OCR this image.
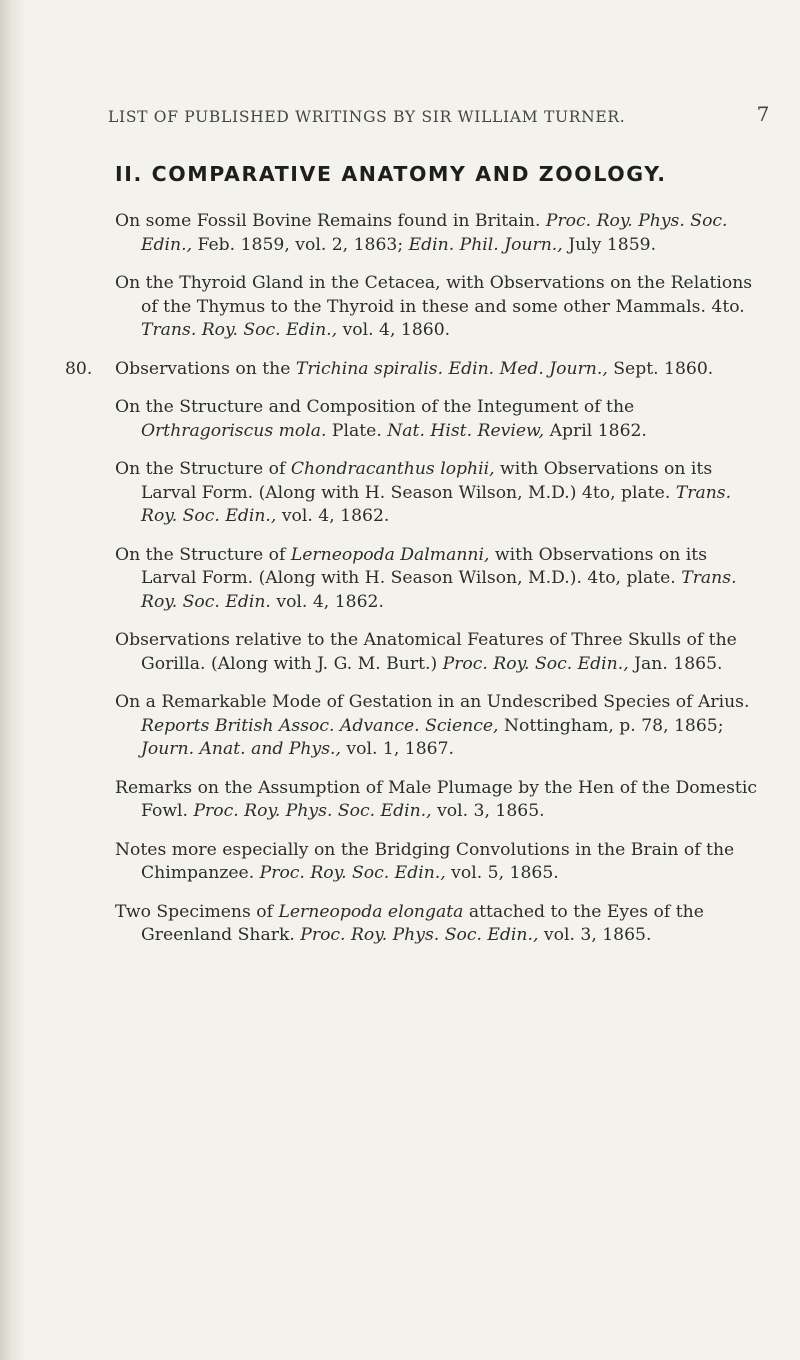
LIST OF PUBLISHED WRITINGS BY SIR WILLIAM TURNER.	7
II. COMPARATIVE ANATOMY AND ZOOLOGY.
On some Fossil Bovine Remains found in Britain. Proc. Roy. Phys. Soc. Edin., Feb. 1859, vol. 2, 1863; Edin. Phil. Journ., July 1859.
On the Thyroid Gland in the Cetacea, with Observations on the Relations of the Thymus to the Thyroid in these and some other Mammals. 4to. Trans. Roy. Soc. Edin., vol. 4, 1860.
80. Observations on the Trichina spiralis. Edin. Med. Journ., Sept. 1860.
On the Structure and Composition of the Integument of the Orthragoriscus mola. Plate. Nat. Hist. Review, April 1862.
On the Structure of Chondracanthus lophii, with Observations on its Larval Form. (Along with H. Season Wilson, M.D.) 4to, plate. Trans. Roy. Soc. Edin., vol. 4, 1862.
On the Structure of Lerneopoda Dalmanni, with Observations on its Larval Form. (Along with H. Season Wilson, M.D.). 4to, plate. Trans. Roy. Soc. Edin. vol. 4, 1862.
Observations relative to the Anatomical Features of Three Skulls of the Gorilla. (Along with J. G. M. Burt.) Proc. Roy. Soc. Edin., Jan. 1865.
On a Remarkable Mode of Gestation in an Undescribed Species of Arius. Reports British Assoc. Advance. Science, Nottingham, p. 78, 1865; Journ. Anat. and Phys., vol. 1, 1867.
Remarks on the Assumption of Male Plumage by the Hen of the Domestic Fowl. Proc. Roy. Phys. Soc. Edin., vol. 3, 1865.
Notes more especially on the Bridging Convolutions in the Brain of the Chimpanzee. Proc. Roy. Soc. Edin., vol. 5, 1865.
Two Specimens of Lerneopoda elongata attached to the Eyes of the Greenland Shark. Proc. Roy. Phys. Soc. Edin., vol. 3, 1865.
